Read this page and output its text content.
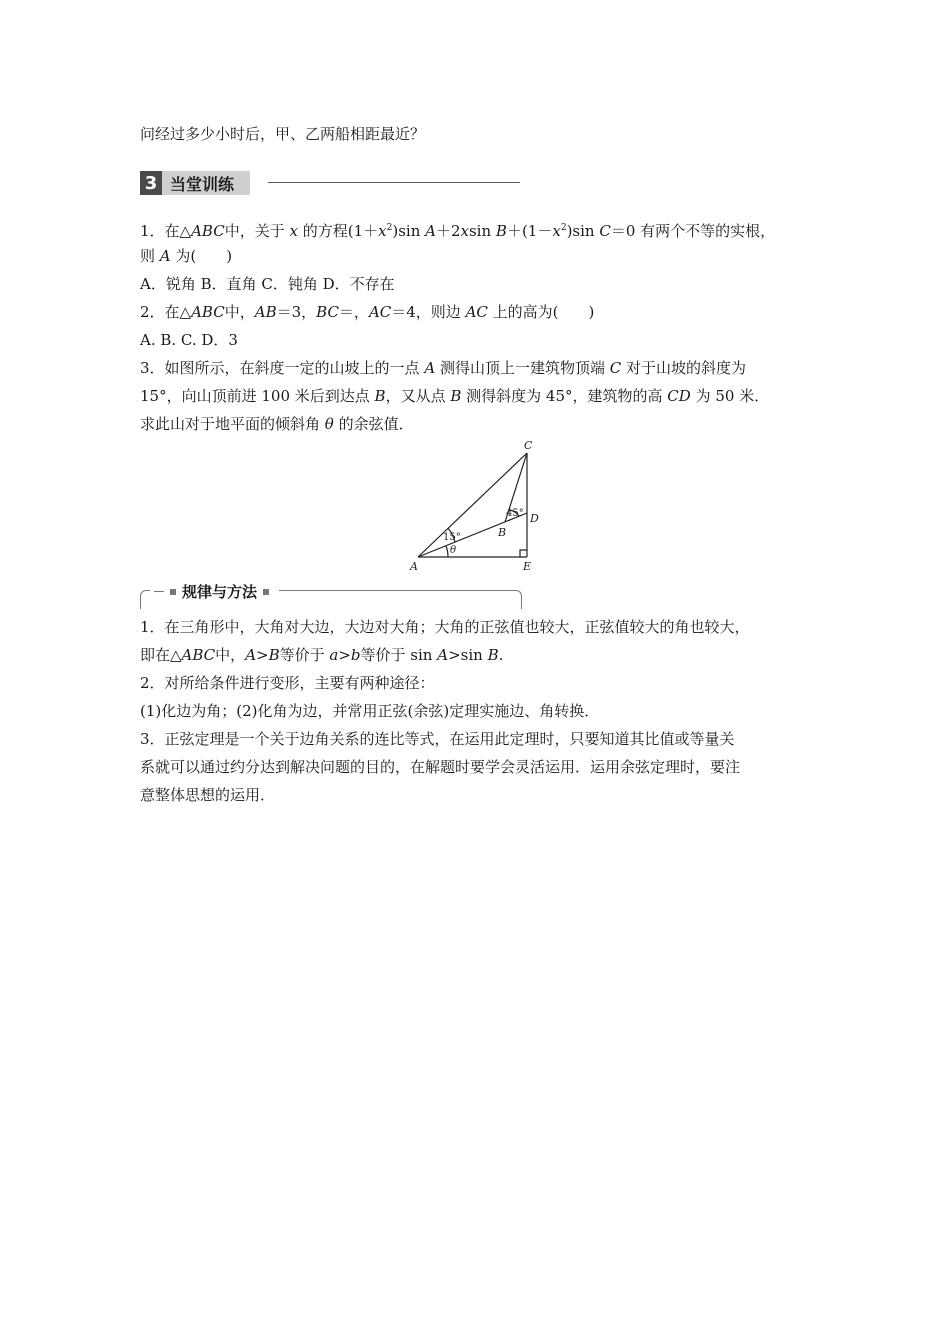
问经过多少小时后，甲、乙两船相距最近？
3 当堂训练
1．在△ABC中，关于 x 的方程$(1+x^2)\sin$ A＋2xsin $B+(1-x^2)\sin$ C＝0 有两个不等的实根，
则 A 为(　　)
A．锐角 B．直角 C．钝角 D．不存在
2．在△ABC中，AB＝3，BC＝，AC＝4，则边 AC 上的高为(　　)
A. B. C. D．3
3．如图所示，在斜度一定的山坡上的一点 A 测得山顶上一建筑物顶端 C 对于山坡的斜度为
15°，向山顶前进 100 米后到达点 B，又从点 B 测得斜度为 45°，建筑物的高 CD 为 50 米．
求此山对于地平面的倾斜角 θ 的余弦值．
A
B
C
D
E
15°
45°
θ
规律与方法
1．在三角形中，大角对大边，大边对大角；大角的正弦值也较大，正弦值较大的角也较大，
即在△ABC中，A>B等价于 a>b等价于 sin A>sin B.
2．对所给条件进行变形，主要有两种途径：
(1)化边为角；(2)化角为边，并常用正弦(余弦)定理实施边、角转换．
3．正弦定理是一个关于边角关系的连比等式，在运用此定理时，只要知道其比值或等量关
系就可以通过约分达到解决问题的目的，在解题时要学会灵活运用．运用余弦定理时，要注
意整体思想的运用．
